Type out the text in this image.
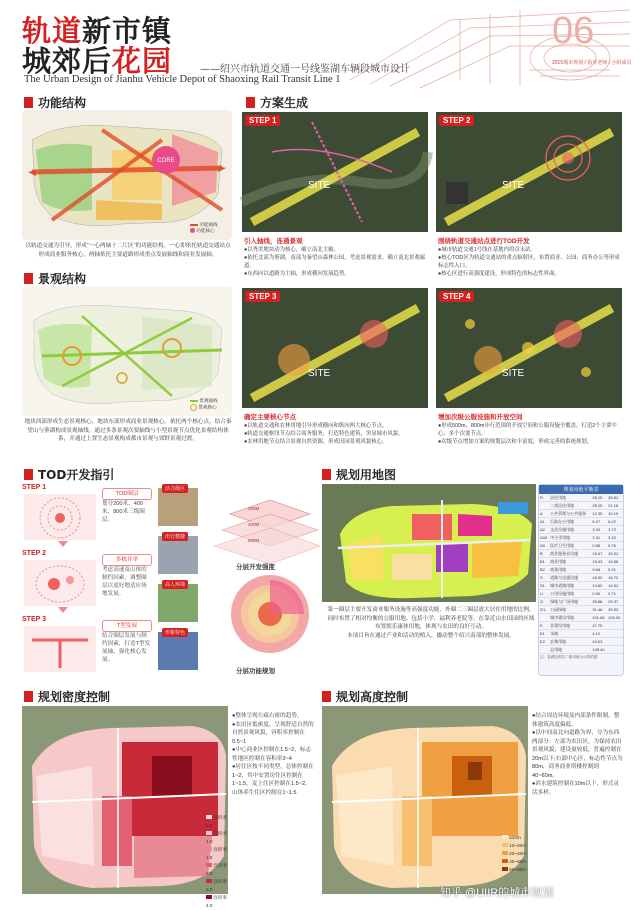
轨道新市镇
城郊后花园	——绍兴市轨道交通一号线鉴湖车辆段城市设计
The Urban Design of Jianhu Vehicle Depot of Shaoxing Rail Transit Line 1
06
2015城市规划 / 指导老师 / 小组成员
功能结构
CORE
功能轴线
功能核心
以轨道交通为引导，形成“一心两轴十二片区”的功能结构。一心即依托轨道交通站点形成商业服务核心，两轴依托主要道路形成重点发展轴线和商业发展轴。
景观结构
景观轴线
景观核心
地块西部形成生态景观核心，地块东部形成商业景观核心。依托两个核心点，结合秦望山与鉴湖构成景观轴线。通过多条景观次要轴线与小型景观节点优化景观结构体系，并通过上置生态景观构成都市景观与郊野景观过渡。
方案生成
STEP 1
SITE
引入轴线，连通景观
●以秀美地块动为核心，确立南北主轴。
●依托北部为鉴湖，南部为秦望山森林公园，考虑景观需求，确立南北景观廊道。
●东西向以道路为主轴，形成横向发展趋势。
STEP 2
SITE
围绕轨道交通站点进行TOD开发
●城市轨道交通1号线在基地内的首末站。
●核心TOD区为轨道交通站的重点辐射区，布置商业、公园、商务办公等形成标志性入口。
●核心区进行高强度建设，形成特色的标志性界面。
STEP 3
SITE
确定主要核心节点
●以轨道交通和农林用地引导形成横向和纵向两大核心节点。
●轨道交通枢纽节点结合商务服务，打造特色建筑，突显城市风貌。
●农林用地节点结合景观自然资源，形成田园景观风貌核心。
STEP 4
SITE
增加次级公服设施和开放空间
●形成500m、800m步行范围的开放空间和公服设施全覆盖，打造2个主要中心，多个次要节点。
●次级节点增加方案的规划层次和丰富度，形成完善的系统规划。
TOD开发指引
STEP 1
TOD圈层
划分200米、400米、800米三级圈层。
STEP 2
多核并举
考虑高速及山体的制约因素，调整圈层以更好地适应场地发展。
STEP 3
T型发展
结合圈层发展与制约因素，打造T型发展轴，强化核心发展。
活力街区
出行便捷
高人环境
形象特色
200M
400M
800M
分层开发强度
分层功能规划
规划用地图
规划用地平衡表
R	居住用地	26.15	28.81
	二类居住用地	25.15	21.16
A	公共管理与公共服务	12.35	10.19
A1	行政办公用地	6.27	6.22
A2	文化设施用地	3.30	3.72
A33	中小学用地	2.31	3.22
A5	医疗卫生用地	0.58	0.76
B	商业服务业设施	16.47	15.31
B1	商业用地	15.43	10.96
B2	商务用地	9.66	5.21
S	道路与交通设施	16.90	16.72
S1	城市道路用地	14.80	14.91
U	公用设施用地	0.90	0.71
G	绿地与广场用地	35.88	29.37
G1	公园绿地	31.46	25.93
	城市建设用地	101.65	100.00
E	非建设用地	47.75	
E1	水域	4.12	
E2	农林用地	43.63	
	总用地	149.40	
注：鉴湖范围以二级用地为计算依据
第一圈层主要开发商业服务设施等高强度功能，外圈二三圈层放大居住用地的比例，同时布置了相对均衡的公服用地，包括小学、福利养老院等。在靠近山水田园的区域布置娱乐康体用地，体现与农田的良好互动。
本项目旨在通过产业和活动的植入，撬动整个绍兴南部的整体发展。
规划密度控制
容积率0.5
容积率1.0
容积率1.5
容积率2.0
容积率3.0
容积率4.0
●整体呈现左疏右密的趋势。
●农田区低密度，呈现舒适自然的自然景观风貌，容积率控制在0.5~1
●中心商业区控制在1.5~2，标志性地区控制在容积率3~4
●居住区按不同类型，总体控制在1~2，其中安置房住区控制在1~1.5，麦上住区控制在1.5~2，山体养生住区控制在1~1.5
规划高度控制
≤10m
10~20m
20~40m
40~60m
60~80m
●结合周边环境及内部条件限制，整体建筑高度偏低。
●以中间南北向道路为界，分为东西两部分：左部为农田区，为保持农田景观风貌，建设量较低，普遍控制在20m以下;右部中心区，标志性节点为80m，商务商业塔楼控制到40~60m。
●滨水建筑控制在10m以下，形式灵活多样。
知乎 @UIIR的城市规划
